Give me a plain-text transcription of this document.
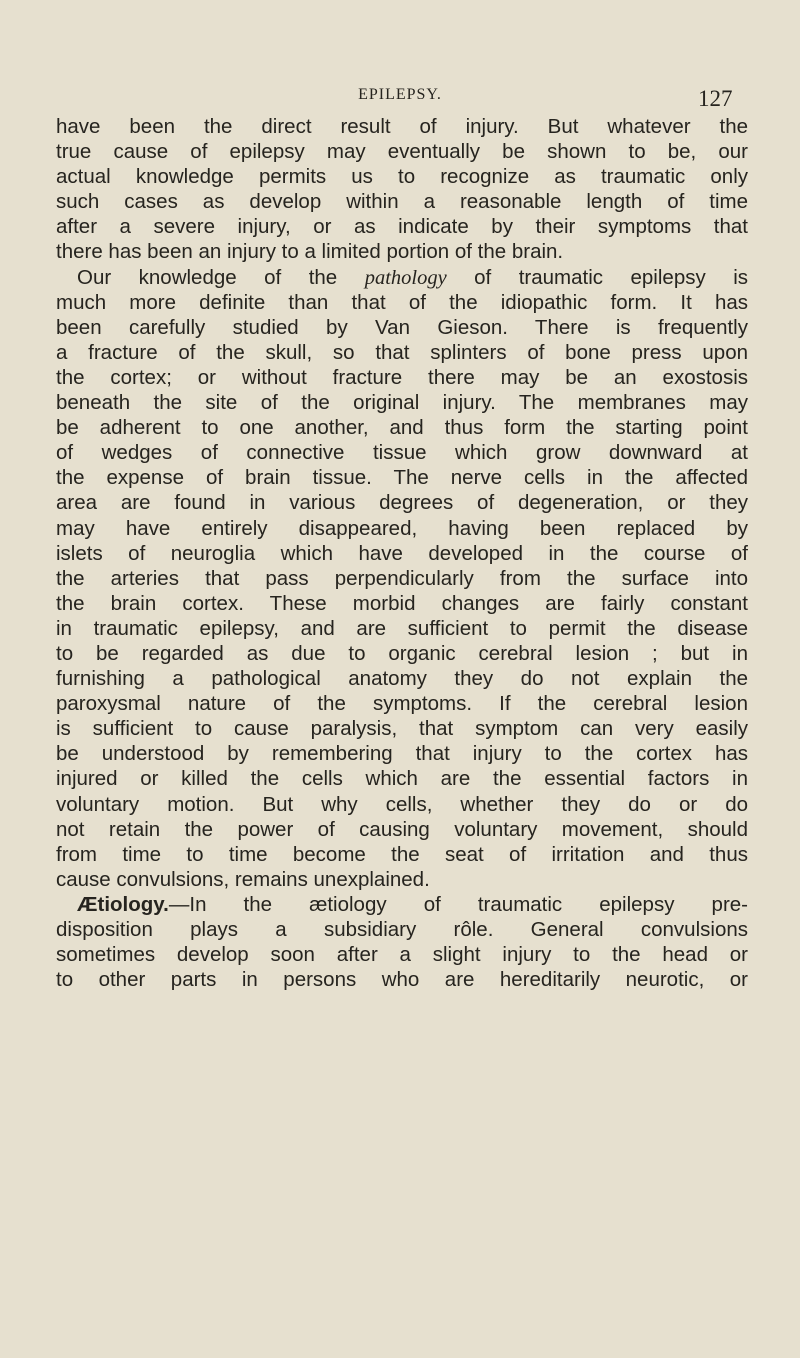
EPILEPSY.	127
have been the direct result of injury. But whatever the
true cause of epilepsy may eventually be shown to be, our
actual knowledge permits us to recognize as traumatic only
such cases as develop within a reasonable length of time
after a severe injury, or as indicate by their symptoms that
there has been an injury to a limited portion of the brain.
Our knowledge of the pathology of traumatic epilepsy is
much more definite than that of the idiopathic form. It has
been carefully studied by Van Gieson. There is frequently
a fracture of the skull, so that splinters of bone press upon
the cortex; or without fracture there may be an exostosis
beneath the site of the original injury. The membranes may
be adherent to one another, and thus form the starting point
of wedges of connective tissue which grow downward at
the expense of brain tissue. The nerve cells in the affected
area are found in various degrees of degeneration, or they
may have entirely disappeared, having been replaced by
islets of neuroglia which have developed in the course of
the arteries that pass perpendicularly from the surface into
the brain cortex. These morbid changes are fairly constant
in traumatic epilepsy, and are sufficient to permit the disease
to be regarded as due to organic cerebral lesion ; but in
furnishing a pathological anatomy they do not explain the
paroxysmal nature of the symptoms. If the cerebral lesion
is sufficient to cause paralysis, that symptom can very easily
be understood by remembering that injury to the cortex has
injured or killed the cells which are the essential factors in
voluntary motion. But why cells, whether they do or do
not retain the power of causing voluntary movement, should
from time to time become the seat of irritation and thus
cause convulsions, remains unexplained.
Ætiology.—In the ætiology of traumatic epilepsy pre-
disposition plays a subsidiary rôle. General convulsions
sometimes develop soon after a slight injury to the head or
to other parts in persons who are hereditarily neurotic, or
